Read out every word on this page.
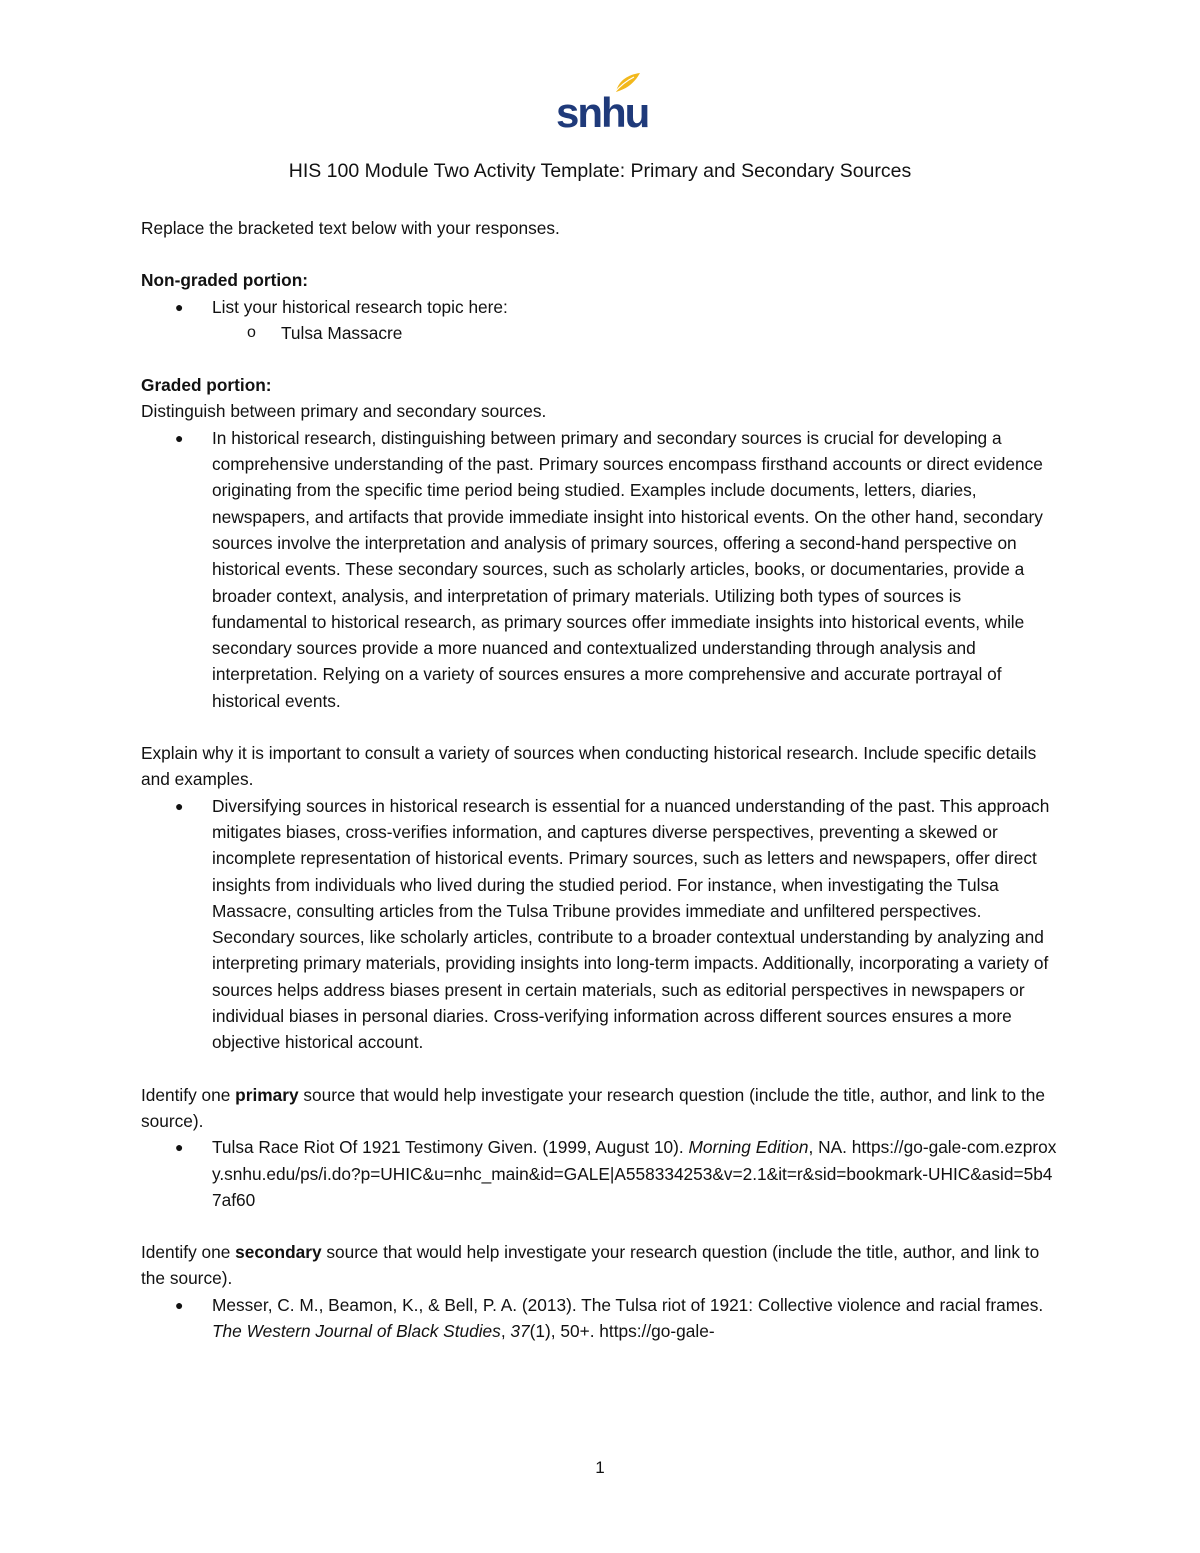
snhu
HIS 100 Module Two Activity Template: Primary and Secondary Sources

Replace the bracketed text below with your responses.

Non-graded portion:

● List your historical research topic here:
o Tulsa Massacre

Graded portion:

Distinguish between primary and secondary sources.

● In historical research, distinguishing between primary and secondary sources is crucial for developing a comprehensive understanding of the past. Primary sources encompass firsthand accounts or direct evidence originating from the specific time period being studied. Examples include documents, letters, diaries, newspapers, and artifacts that provide immediate insight into historical events. On the other hand, secondary sources involve the interpretation and analysis of primary sources, offering a second-hand perspective on historical events. These secondary sources, such as scholarly articles, books, or documentaries, provide a broader context, analysis, and interpretation of primary materials. Utilizing both types of sources is fundamental to historical research, as primary sources offer immediate insights into historical events, while secondary sources provide a more nuanced and contextualized understanding through analysis and interpretation. Relying on a variety of sources ensures a more comprehensive and accurate portrayal of historical events.

Explain why it is important to consult a variety of sources when conducting historical research. Include specific details and examples.

● Diversifying sources in historical research is essential for a nuanced understanding of the past. This approach mitigates biases, cross-verifies information, and captures diverse perspectives, preventing a skewed or incomplete representation of historical events. Primary sources, such as letters and newspapers, offer direct insights from individuals who lived during the studied period. For instance, when investigating the Tulsa Massacre, consulting articles from the Tulsa Tribune provides immediate and unfiltered perspectives. Secondary sources, like scholarly articles, contribute to a broader contextual understanding by analyzing and interpreting primary materials, providing insights into long-term impacts. Additionally, incorporating a variety of sources helps address biases present in certain materials, such as editorial perspectives in newspapers or individual biases in personal diaries. Cross-verifying information across different sources ensures a more objective historical account.

Identify one primary source that would help investigate your research question (include the title, author, and link to the source).

● Tulsa Race Riot Of 1921 Testimony Given. (1999, August 10). Morning Edition, NA. https://go-gale-com.ezproxy.snhu.edu/ps/i.do?p=UHIC&u=nhc_main&id=GALE|A558334253&v=2.1&it=r&sid=bookmark-UHIC&asid=5b47af60

Identify one secondary source that would help investigate your research question (include the title, author, and link to the source).

● Messer, C. M., Beamon, K., & Bell, P. A. (2013). The Tulsa riot of 1921: Collective violence and racial frames. The Western Journal of Black Studies, 37(1), 50+. https://go-gale-
1
